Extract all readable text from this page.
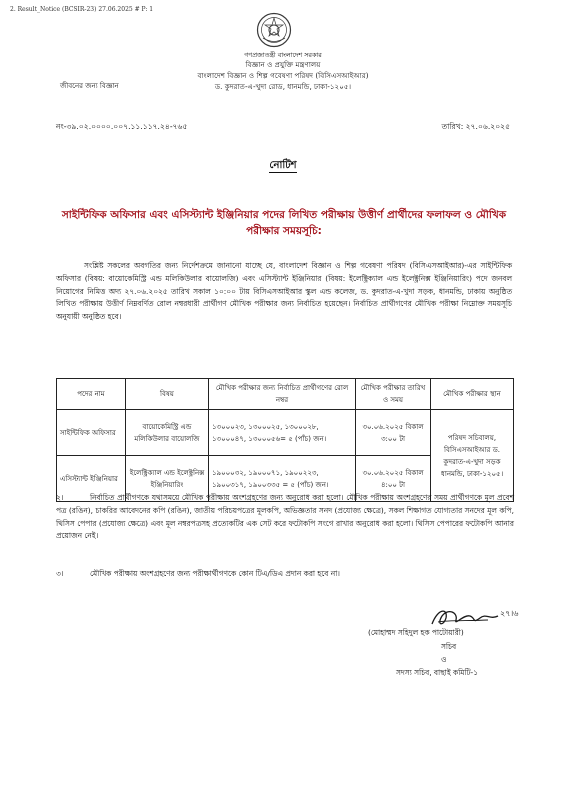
2. Result_Notice (BCSIR-23) 27.06.2025 # P: 1
গণপ্রজাতন্ত্রী বাংলাদেশ সরকার
বিজ্ঞান ও প্রযুক্তি মন্ত্রণালয়
বাংলাদেশ বিজ্ঞান ও শিল্প গবেষণা পরিষদ (বিসিএসআইআর)
ড. কুদরাত-এ-খুদা রোড, ধানমন্ডি, ঢাকা-১২০৫।
জীবনের জন্য বিজ্ঞান
নং-৩৯.০২.০০০০.০০৭.১১.১১৭.২৪-৭৬৫	তারিখ: ২৭.০৬.২০২৫
নোটিশ
সাইন্টিফিক অফিসার এবং এসিস্ট্যান্ট ইঞ্জিনিয়ার পদের লিখিত পরীক্ষায় উত্তীর্ণ প্রার্থীদের ফলাফল ও মৌখিক পরীক্ষার সময়সূচি:
সংশ্লিষ্ট সকলের অবগতির জন্য নির্দেশক্রমে জানানো যাচ্ছে যে, বাংলাদেশ বিজ্ঞান ও শিল্প গবেষণা পরিষদ (বিসিএসআইআর)-এর সাইন্টিফিক অফিসার (বিষয়: বায়োকেমিস্ট্রি এন্ড মলিকিউলার বায়োলজি) এবং এসিস্ট্যান্ট ইঞ্জিনিয়ার (বিষয়: ইলেক্ট্রিক্যাল এন্ড ইলেক্ট্রনিক্স ইঞ্জিনিয়ারিং) পদে জনবল নিয়োগের নিমিত্ত অদ্য ২৭.০৬.২০২৫ তারিখ সকাল ১০:০০ টায় বিসিএসআইআর স্কুল এন্ড কলেজ, ড. কুদরাত-এ-খুদা সড়ক, ধানমন্ডি, ঢাকায় অনুষ্ঠিত লিখিত পরীক্ষায় উত্তীর্ণ নিম্নবর্ণিত রোল নম্বরধারী প্রার্থীগণ মৌখিক পরীক্ষার জন্য নির্বাচিত হয়েছেন। নির্বাচিত প্রার্থীগণের মৌখিক পরীক্ষা নিম্নোক্ত সময়সূচি অনুযায়ী অনুষ্ঠিত হবে।
পদের নাম	বিষয়	মৌখিক পরীক্ষার জন্য নির্বাচিত প্রার্থীগণের রোল নম্বর	মৌখিক পরীক্ষার তারিখ ও সময়	মৌখিক পরীক্ষার স্থান
সাইন্টিফিক অফিসার	বায়োকেমিস্ট্রি এন্ড মলিকিউলার বায়োলজি	১৩০০০২৩, ১৩০০০২৫, ১৩০০০২৮, ১৩০০০৪৭, ১৩০০০৫৬= ৫ (পাঁচ) জন।	৩০.০৬.২০২৫ বিকাল ৩:০০ টা	পরিষদ সচিবালয়, বিসিএসআইআর ড. কুদরাত-এ-খুদা সড়ক ধানমন্ডি, ঢাকা-১২০৫।
এসিস্ট্যান্ট ইঞ্জিনিয়ার	ইলেক্ট্রিক্যাল এন্ড ইলেক্ট্রনিক্স ইঞ্জিনিয়ারিং	১৯০০০৩২, ১৯০০০৭১, ১৯০০২২৩, ১৯০০৩১৭, ১৯০০৩৩৫ = ৫ (পাঁচ) জন।	৩০.০৬.২০২৫ বিকাল ৪:০০ টা	
২।	নির্বাচিত প্রার্থীগণকে যথাসময়ে মৌখিক পরীক্ষায় অংশগ্রহণের জন্য অনুরোধ করা হলো। মৌখিক পরীক্ষায় অংশগ্রহণের সময় প্রার্থীগণকে মূল প্রবেশ পত্র (রঙিন), চাকরির আবেদনের কপি (রঙিন), জাতীয় পরিচয়পত্রের মূলকপি, অভিজ্ঞতার সনদ (প্রযোজ্য ক্ষেত্রে), সকল শিক্ষাগত যোগ্যতার সনদের মূল কপি, থিসিস পেপার (প্রযোজ্য ক্ষেত্রে) এবং মূল নম্বরপত্রসহ প্রত্যেকটির এক সেট করে ফটোকপি সংগে রাখার অনুরোধ করা হলো। থিসিস পেপারের ফটোকপি আনার প্রয়োজন নেই।
৩।	মৌখিক পরীক্ষায় অংশগ্রহণের জন্য পরীক্ষার্থীগণকে কোন টিএ/ডিএ প্রদান করা হবে না।
২৭।৬
(মোহাম্মদ সহিদুল হক পাটোয়ারী)
সচিব
ও
সদস্য সচিব, বাছাই কমিটি-১
